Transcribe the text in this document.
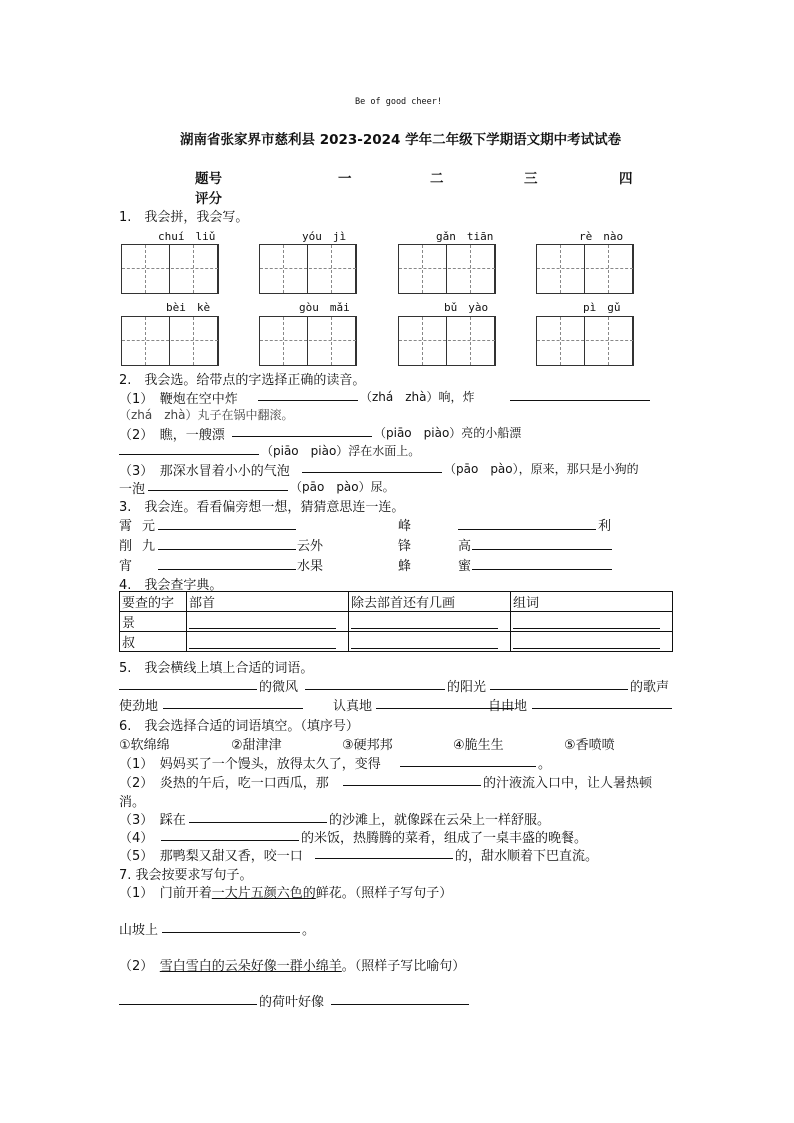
Be of good cheer!
湖南省张家界市慈利县 2023-2024 学年二年级下学期语文期中考试试卷
题号	一	二	三	四
评分
1.　我会拼，我会写。
chuí　liǔ	yóu　jì	gǎn　tiān	rè　nào
bèi　kè	gòu　mǎi	bǔ　yào	pì　gǔ
2.　我会选。给带点的字选择正确的读音。
（1）　鞭炮在空中炸	（zhá　zhà）响，炸
（zhá　zhà）丸子在锅中翻滚。
（2）　瞧，一艘漂	（piāo　piào）亮的小船漂
（piāo　piào）浮在水面上。
（3）　那深水冒着小小的气泡	（pāo　pào），原来，那只是小狗的
一泡	（pāo　pào）尿。
3.　我会连。看看偏旁想一想，猜猜意思连一连。
霄 元	峰	利
削 九	云外	锋	高
宵	水果	蜂	蜜
4.　我会查字典。
要查的字	部首	除去部首还有几画	组词
景	

叔	

5.　我会横线上填上合适的词语。
的微风	的阳光	的歌声
使劲地	认真地	自由地
6.　我会选择合适的词语填空。（填序号）
①软绵绵	②甜津津	③硬邦邦	④脆生生	⑤香喷喷
（1）　妈妈买了一个馒头，放得太久了，变得	。
（2）　炎热的午后，吃一口西瓜，那	的汁液流入口中，让人暑热顿
消。
（3）　踩在	的沙滩上，就像踩在云朵上一样舒服。
（4）	的米饭，热腾腾的菜肴，组成了一桌丰盛的晚餐。
（5）　那鸭梨又甜又香，咬一口	的，甜水顺着下巴直流。
7. 我会按要求写句子。
（1）　门前开着一大片五颜六色的鲜花。（照样子写句子）
山坡上	。
（2）　雪白雪白的云朵好像一群小绵羊。（照样子写比喻句）
的荷叶好像
